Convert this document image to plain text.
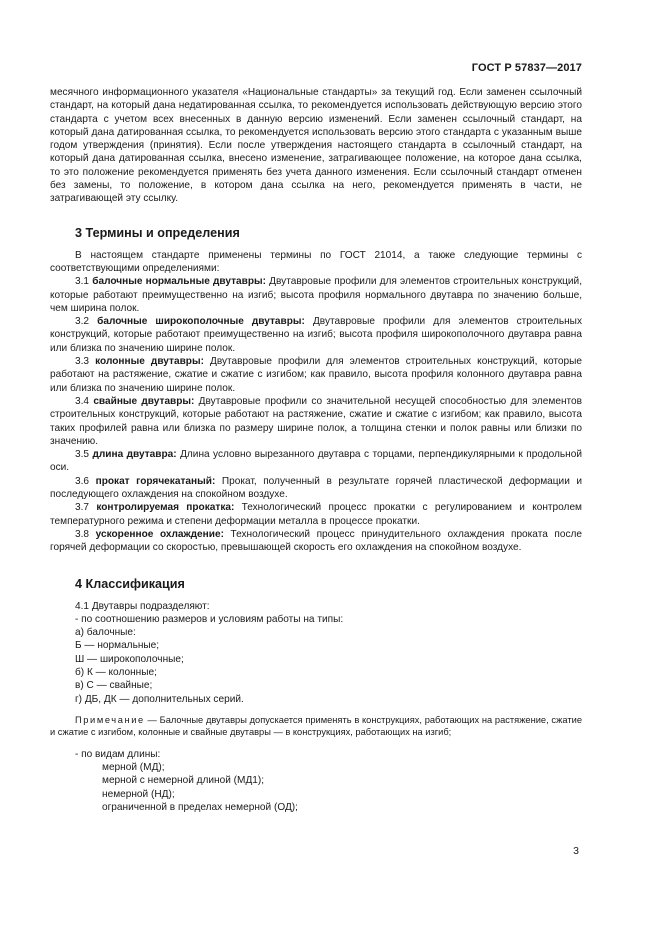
ГОСТ Р 57837—2017

месячного информационного указателя «Национальные стандарты» за текущий год. Если заменен ссылочный стандарт, на который дана недатированная ссылка, то рекомендуется использовать действующую версию этого стандарта с учетом всех внесенных в данную версию изменений. Если заменен ссылочный стандарт, на который дана датированная ссылка, то рекомендуется использовать версию этого стандарта с указанным выше годом утверждения (принятия). Если после утверждения настоящего стандарта в ссылочный стандарт, на который дана датированная ссылка, внесено изменение, затрагивающее положение, на которое дана ссылка, то это положение рекомендуется применять без учета данного изменения. Если ссылочный стандарт отменен без замены, то положение, в котором дана ссылка на него, рекомендуется применять в части, не затрагивающей эту ссылку.

3 Термины и определения

В настоящем стандарте применены термины по ГОСТ 21014, а также следующие термины с соответствующими определениями:

3.1 балочные нормальные двутавры: Двутавровые профили для элементов строительных конструкций, которые работают преимущественно на изгиб; высота профиля нормального двутавра по значению больше, чем ширина полок.

3.2 балочные широкополочные двутавры: Двутавровые профили для элементов строительных конструкций, которые работают преимущественно на изгиб; высота профиля широкополочного двутавра равна или близка по значению ширине полок.

3.3 колонные двутавры: Двутавровые профили для элементов строительных конструкций, которые работают на растяжение, сжатие и сжатие с изгибом; как правило, высота профиля колонного двутавра равна или близка по значению ширине полок.

3.4 свайные двутавры: Двутавровые профили со значительной несущей способностью для элементов строительных конструкций, которые работают на растяжение, сжатие и сжатие с изгибом; как правило, высота таких профилей равна или близка по размеру ширине полок, а толщина стенки и полок равны или близки по значению.

3.5 длина двутавра: Длина условно вырезанного двутавра с торцами, перпендикулярными к продольной оси.

3.6 прокат горячекатаный: Прокат, полученный в результате горячей пластической деформации и последующего охлаждения на спокойном воздухе.

3.7 контролируемая прокатка: Технологический процесс прокатки с регулированием и контролем температурного режима и степени деформации металла в процессе прокатки.

3.8 ускоренное охлаждение: Технологический процесс принудительного охлаждения проката после горячей деформации со скоростью, превышающей скорость его охлаждения на спокойном воздухе.

4 Классификация

4.1 Двутавры подразделяют:

- по соотношению размеров и условиям работы на типы:

а) балочные:

Б — нормальные;

Ш — широкополочные;

б) К — колонные;

в) С — свайные;

г) ДБ, ДК — дополнительных серий.

Примечание — Балочные двутавры допускается применять в конструкциях, работающих на растяжение, сжатие и сжатие с изгибом, колонные и свайные двутавры — в конструкциях, работающих на изгиб;

- по видам длины:

мерной (МД);

мерной с немерной длиной (МД1);

немерной (НД);

ограниченной в пределах немерной (ОД);

3
